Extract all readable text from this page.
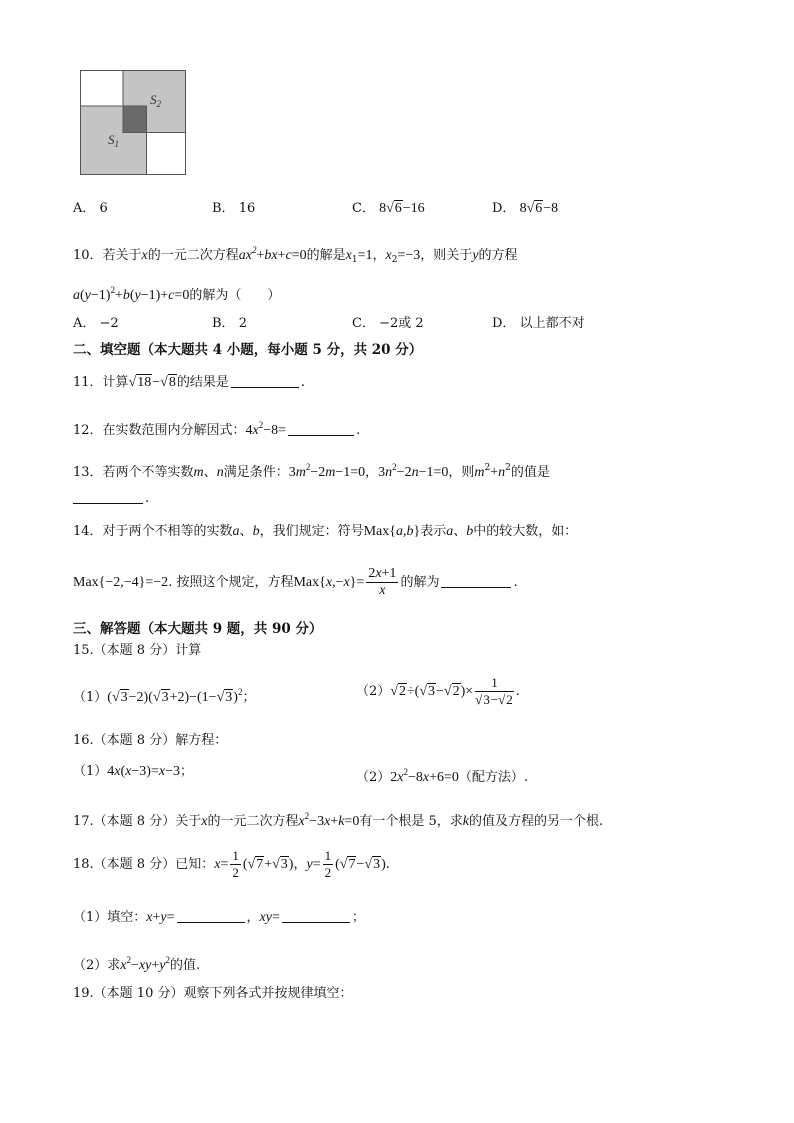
$S_2$
$S_1$
A． 6	B． 16	C． 8√6−16	D． 8√6−8
10．若关于x的一元二次方程$ax^2+bx+c=0$的解是$x_1=1$，$x_2=-3$，则关于y的方程
$a(y-1)^2+b(y-1)+c=0$的解为（　　）
A． −2	B． 2	C． −2或 2	D． 以上都不对
二、填空题（本大题共 4 小题，每小题 5 分，共 20 分）
11．计算√18−√8的结果是	.
12．在实数范围内分解因式：$4x^2-8=$	.
13．若两个不等实数m、n满足条件：$3m^2-2m-1=0$，$3n^2-2n-1=0$，则$m^2+n^2$的值是
.
14．对于两个不相等的实数a、b，我们规定：符号Max{a,b}表示a、b中的较大数，如：
Max{−2,−4}=−2. 按照这个规定，方程$Max\{x,-x\}= \frac{2x+1}{x}$ 的解为	.
三、解答题（本大题共 9 题，共 90 分）
15.（本题 8 分）计算
$(1)(√3-2)(√3+2)-(1-√3)^2$；	$(2)√2\div(√3-√2)\times \frac{1}{√3-√2}$ .
16.（本题 8 分）解方程：
（1）4x(x−3)=x−3；	$(2)2x^2-8x+6=0$（配方法）.
17.（本题 8 分）关于x的一元二次方程$x^2-3x+k=0$有一个根是 5，求k的值及方程的另一个根.
18.（本题 8 分）已知：$x= \frac{1}{2} (√7+√3)$，$y= \frac{1}{2} (√7-√3)$.
（1）填空：x+y=	，xy=	；
（2）求$x^2-xy+y^2$的值.
19.（本题 10 分）观察下列各式并按规律填空：
